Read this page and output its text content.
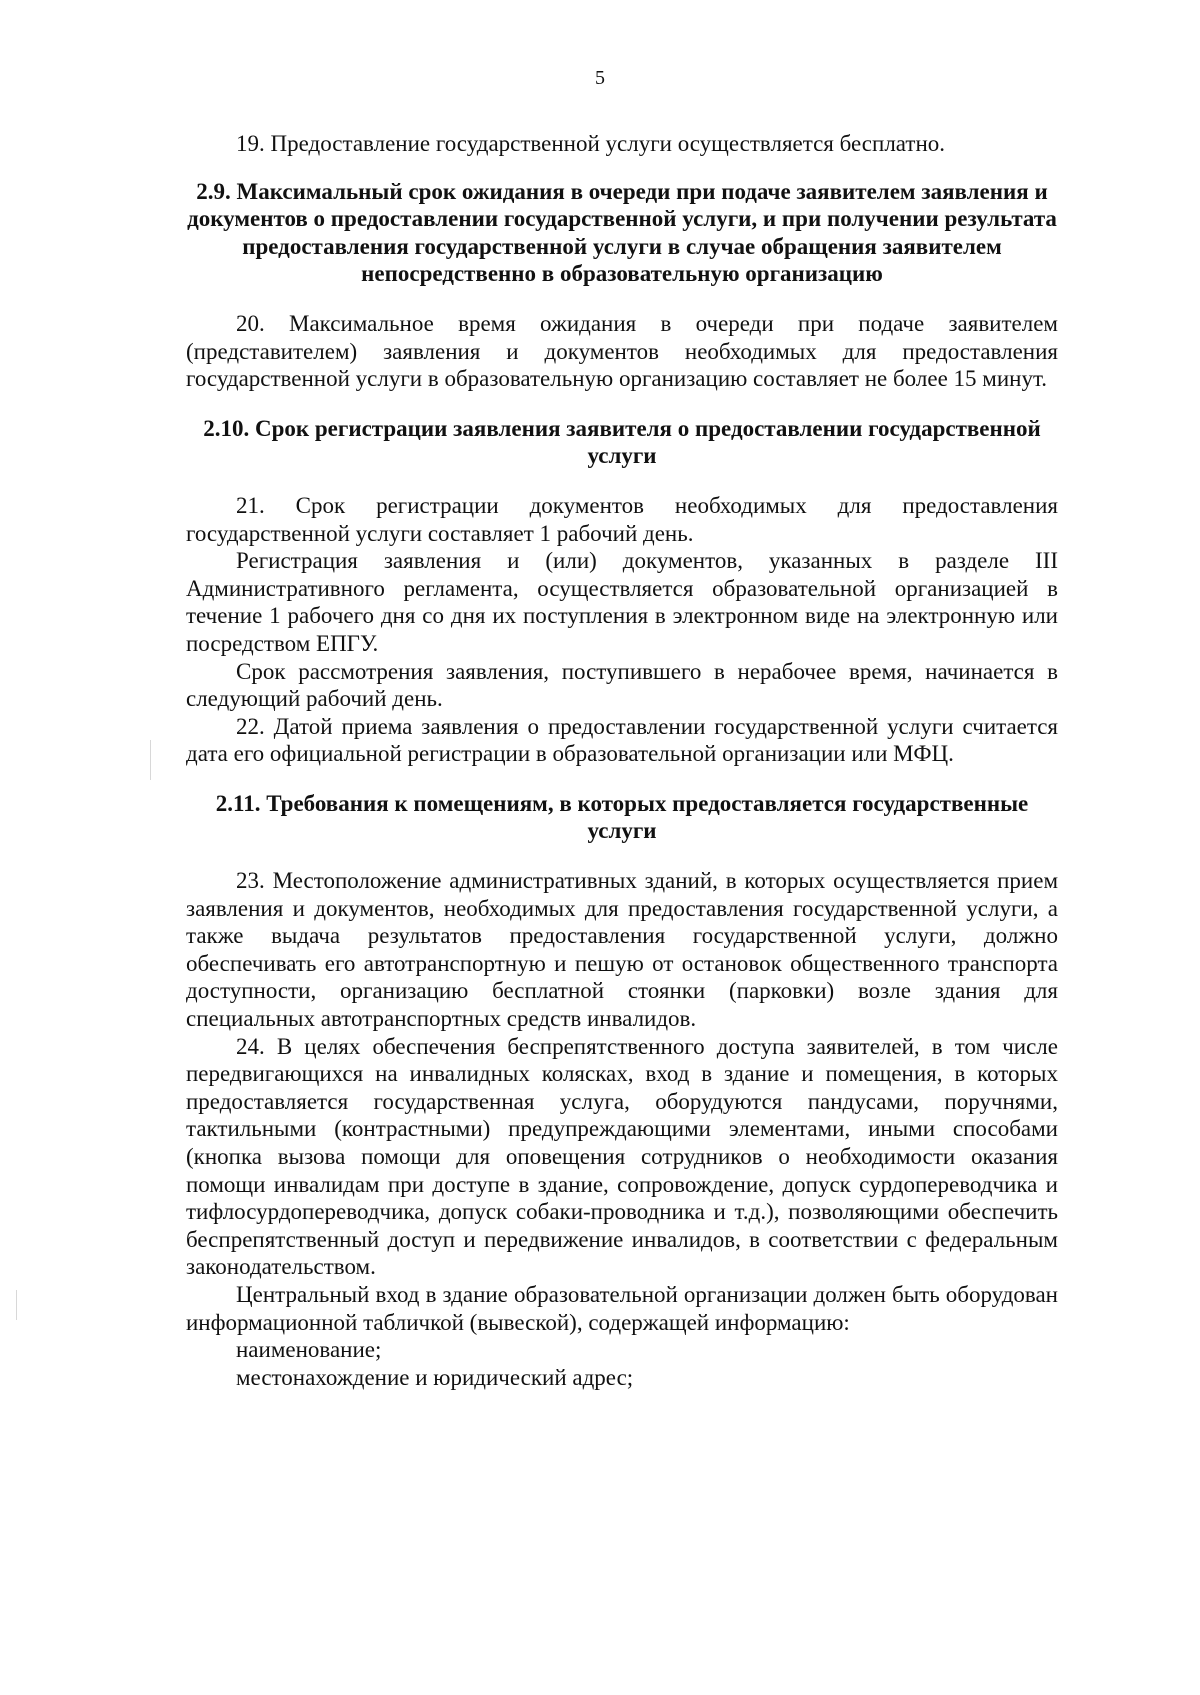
5

19. Предоставление государственной услуги осуществляется бесплатно.

2.9. Максимальный срок ожидания в очереди при подаче заявителем заявления и документов о предоставлении государственной услуги, и при получении результата предоставления государственной услуги в случае обращения заявителем непосредственно в образовательную организацию

20. Максимальное время ожидания в очереди при подаче заявителем (представителем) заявления и документов необходимых для предоставления государственной услуги в образовательную организацию составляет не более 15 минут.

2.10. Срок регистрации заявления заявителя о предоставлении государственной услуги

21. Срок регистрации документов необходимых для предоставления государственной услуги составляет 1 рабочий день.

Регистрация заявления и (или) документов, указанных в разделе III Административного регламента, осуществляется образовательной организацией в течение 1 рабочего дня со дня их поступления в электронном виде на электронную или посредством ЕПГУ.

Срок рассмотрения заявления, поступившего в нерабочее время, начинается в следующий рабочий день.

22. Датой приема заявления о предоставлении государственной услуги считается дата его официальной регистрации в образовательной организации или МФЦ.

2.11. Требования к помещениям, в которых предоставляется государственные услуги

23. Местоположение административных зданий, в которых осуществляется прием заявления и документов, необходимых для предоставления государственной услуги, а также выдача результатов предоставления государственной услуги, должно обеспечивать его автотранспортную и пешую от остановок общественного транспорта доступности, организацию бесплатной стоянки (парковки) возле здания для специальных автотранспортных средств инвалидов.

24. В целях обеспечения беспрепятственного доступа заявителей, в том числе передвигающихся на инвалидных колясках, вход в здание и помещения, в которых предоставляется государственная услуга, оборудуются пандусами, поручнями, тактильными (контрастными) предупреждающими элементами, иными способами (кнопка вызова помощи для оповещения сотрудников о необходимости оказания помощи инвалидам при доступе в здание, сопровождение, допуск сурдопереводчика и тифлосурдопереводчика, допуск собаки-проводника и т.д.), позволяющими обеспечить беспрепятственный доступ и передвижение инвалидов, в соответствии с федеральным законодательством.

Центральный вход в здание образовательной организации должен быть оборудован информационной табличкой (вывеской), содержащей информацию:

наименование;

местонахождение и юридический адрес;
